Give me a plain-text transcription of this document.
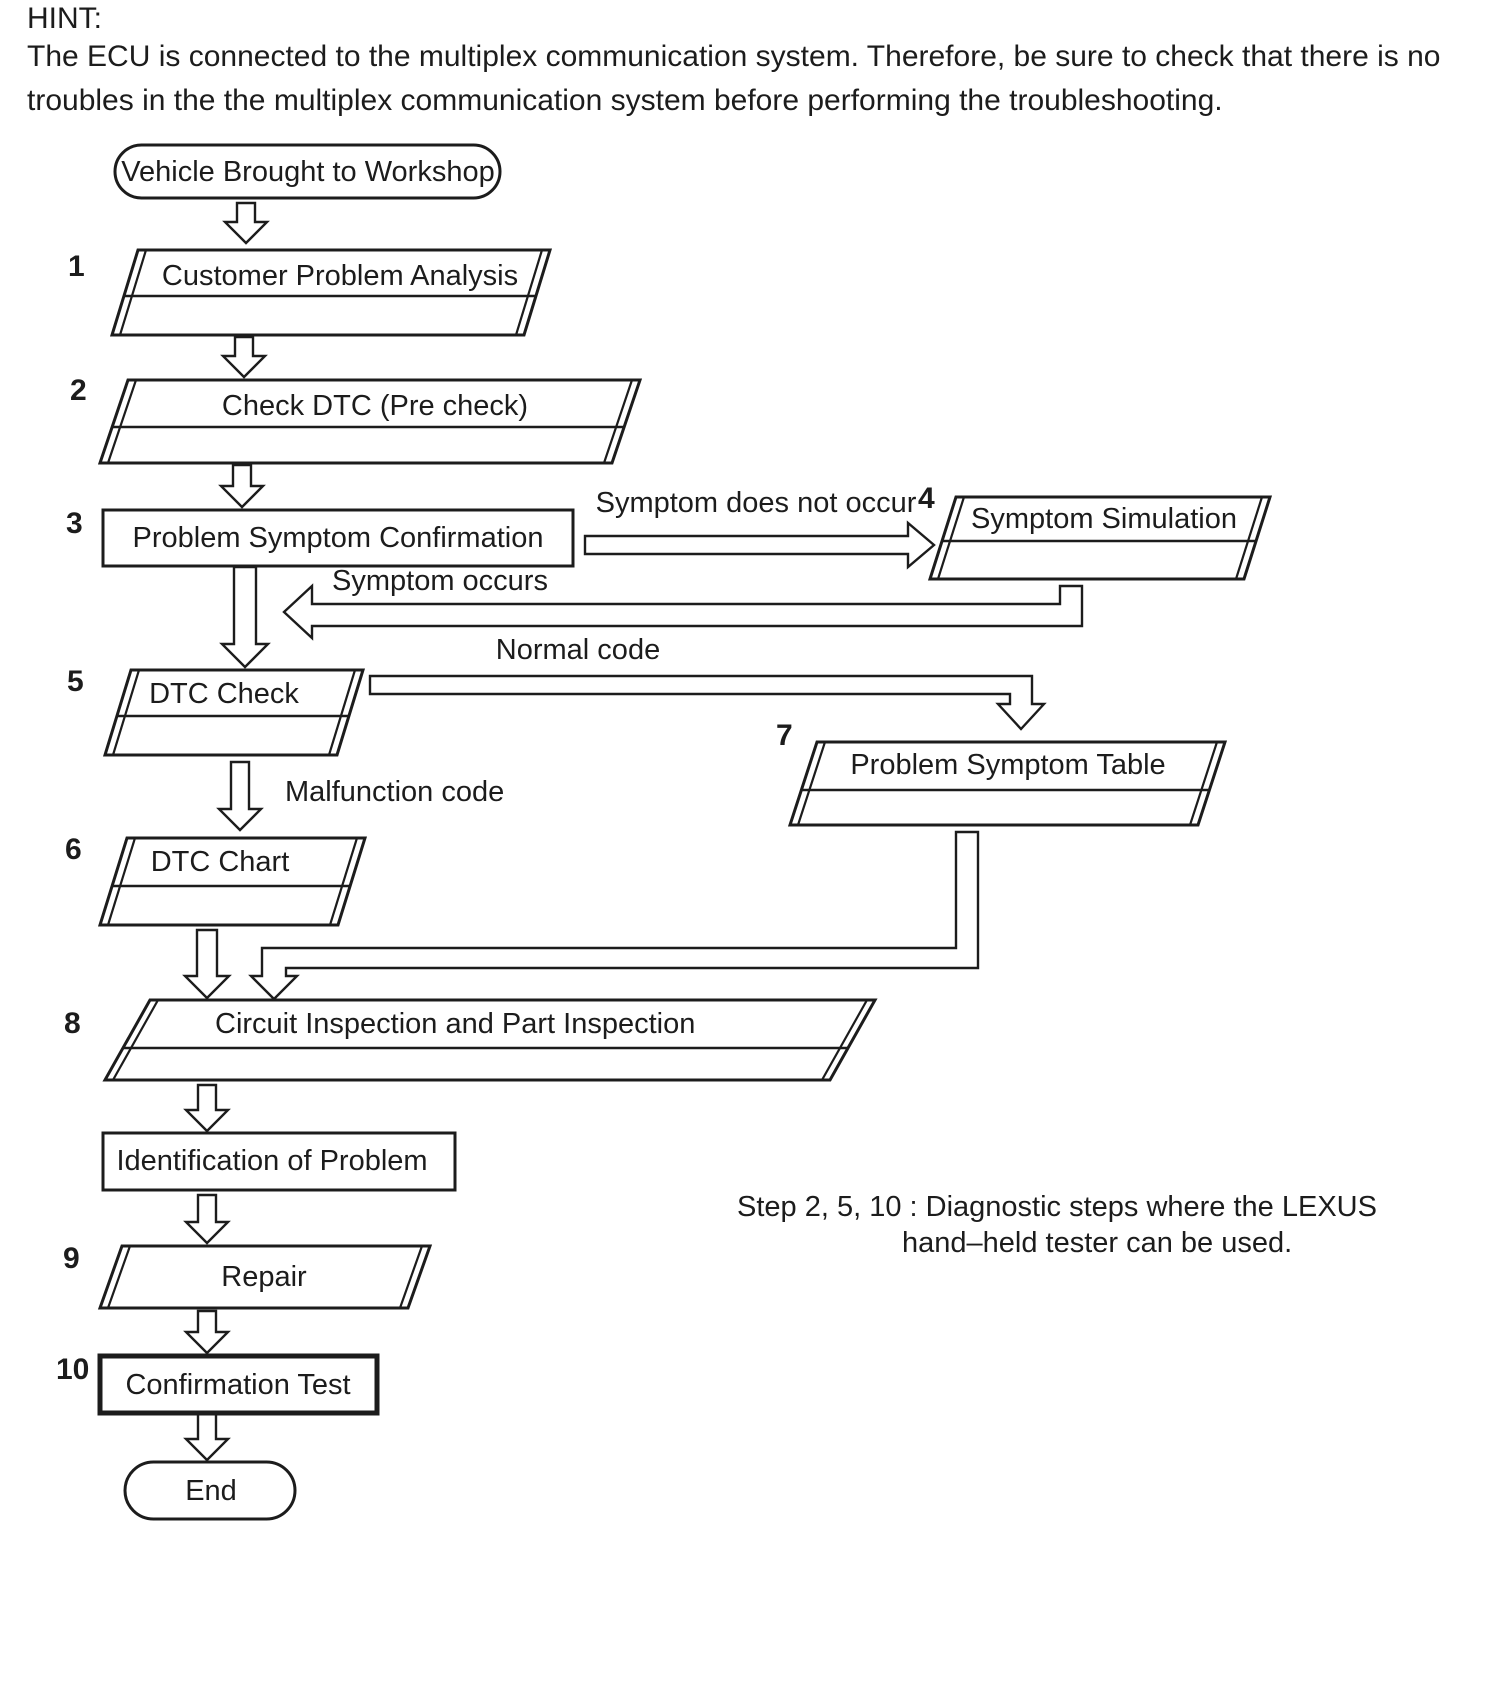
HINT:
The ECU is connected to the multiplex communication system. Therefore, be sure to check that there is no
troubles in the the multiplex communication system before performing the troubleshooting.
Vehicle Brought to Workshop
1	Customer Problem Analysis
2	Check DTC (Pre check)
3 Problem Symptom Confirmation
Symptom does not occur
Symptom occurs
Normal code
Malfunction code
4
Symptom Simulation
5 DTC Check
7
Problem Symptom Table
6 DTC Chart
8	Circuit Inspection and Part Inspection
Identification of Problem
Step 2, 5, 10 : Diagnostic steps where the LEXUS
hand–held tester can be used.
9
Repair
10 Confirmation Test
End
